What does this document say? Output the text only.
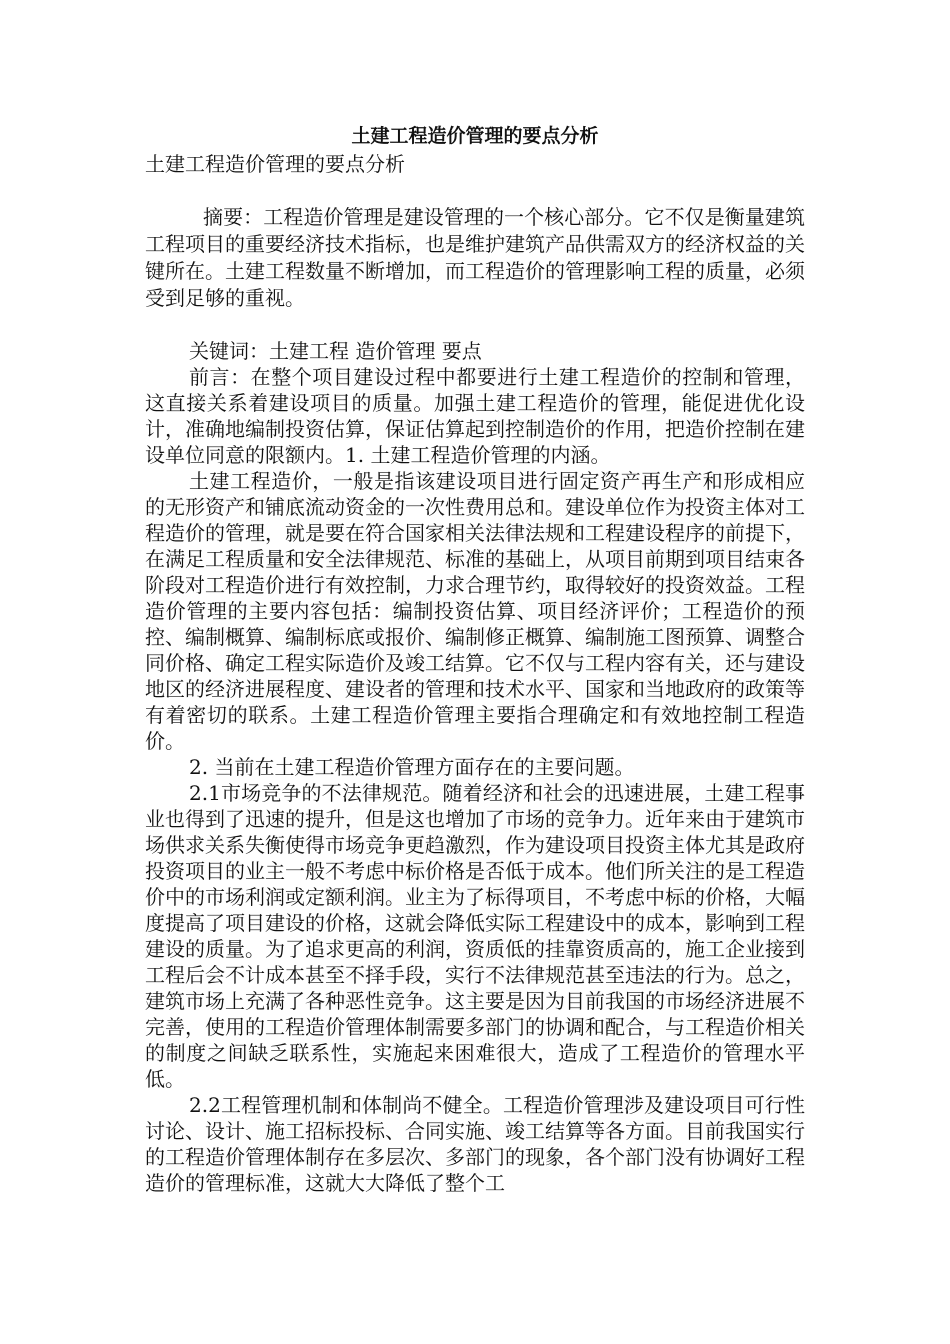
土建工程造价管理的要点分析

土建工程造价管理的要点分析

摘要：工程造价管理是建设管理的一个核心部分。它不仅是衡量建筑工程项目的重要经济技术指标，也是维护建筑产品供需双方的经济权益的关键所在。土建工程数量不断增加，而工程造价的管理影响工程的质量，必须受到足够的重视。

关键词：土建工程 造价管理 要点

前言：在整个项目建设过程中都要进行土建工程造价的控制和管理，这直接关系着建设项目的质量。加强土建工程造价的管理，能促进优化设计，准确地编制投资估算，保证估算起到控制造价的作用，把造价控制在建设单位同意的限额内。1. 土建工程造价管理的内涵。

土建工程造价，一般是指该建设项目进行固定资产再生产和形成相应的无形资产和铺底流动资金的一次性费用总和。建设单位作为投资主体对工程造价的管理，就是要在符合国家相关法律法规和工程建设程序的前提下，在满足工程质量和安全法律规范、标准的基础上，从项目前期到项目结束各阶段对工程造价进行有效控制，力求合理节约，取得较好的投资效益。工程造价管理的主要内容包括：编制投资估算、项目经济评价；工程造价的预控、编制概算、编制标底或报价、编制修正概算、编制施工图预算、调整合同价格、确定工程实际造价及竣工结算。它不仅与工程内容有关，还与建设地区的经济进展程度、建设者的管理和技术水平、国家和当地政府的政策等有着密切的联系。土建工程造价管理主要指合理确定和有效地控制工程造价。

2. 当前在土建工程造价管理方面存在的主要问题。

2.1市场竞争的不法律规范。随着经济和社会的迅速进展，土建工程事业也得到了迅速的提升，但是这也增加了市场的竞争力。近年来由于建筑市场供求关系失衡使得市场竞争更趋激烈，作为建设项目投资主体尤其是政府投资项目的业主一般不考虑中标价格是否低于成本。他们所关注的是工程造价中的市场利润或定额利润。业主为了标得项目，不考虑中标的价格，大幅度提高了项目建设的价格，这就会降低实际工程建设中的成本，影响到工程建设的质量。为了追求更高的利润，资质低的挂靠资质高的，施工企业接到工程后会不计成本甚至不择手段，实行不法律规范甚至违法的行为。总之，建筑市场上充满了各种恶性竞争。这主要是因为目前我国的市场经济进展不完善，使用的工程造价管理体制需要多部门的协调和配合，与工程造价相关的制度之间缺乏联系性，实施起来困难很大，造成了工程造价的管理水平低。

2.2工程管理机制和体制尚不健全。工程造价管理涉及建设项目可行性讨论、设计、施工招标投标、合同实施、竣工结算等各方面。目前我国实行的工程造价管理体制存在多层次、多部门的现象，各个部门没有协调好工程造价的管理标准，这就大大降低了整个工
